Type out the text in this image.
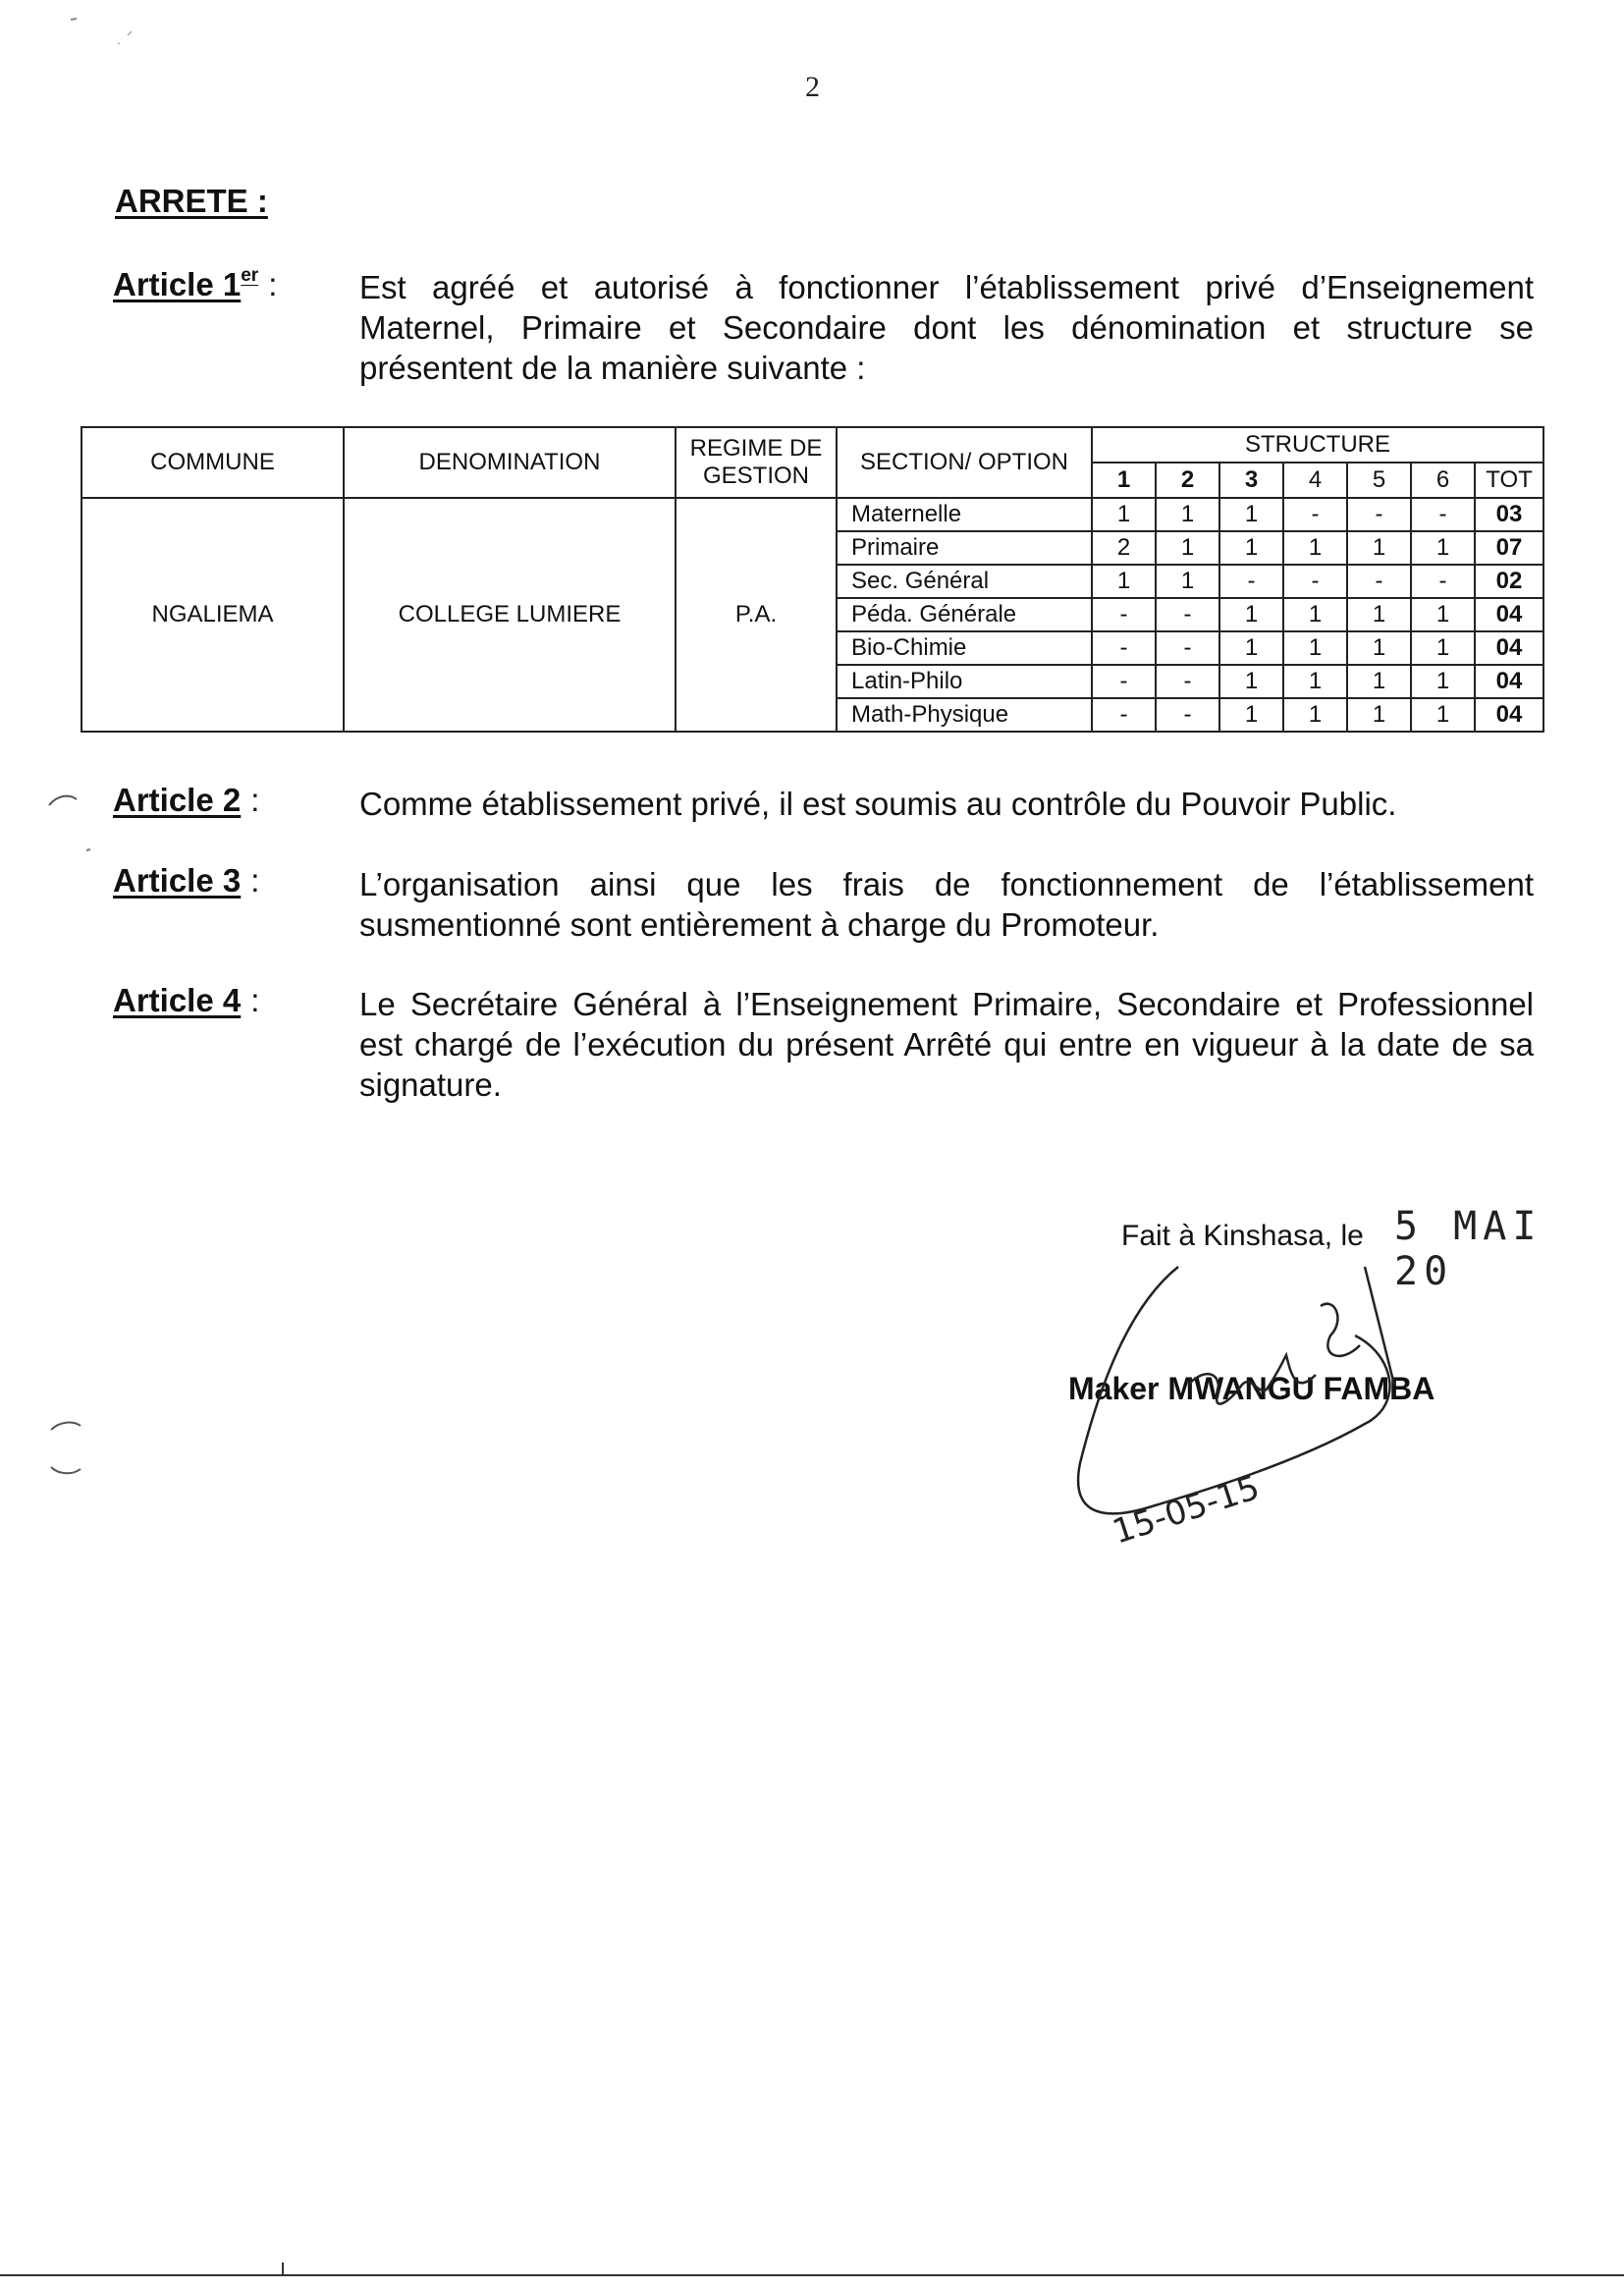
2
ARRETE :
Article 1er :	Est agréé et autorisé à fonctionner l’établissement privé d’Enseignement Maternel, Primaire et Secondaire dont les dénomination et structure se présentent de la manière suivante :
COMMUNE	DENOMINATION	REGIME DE GESTION	SECTION/ OPTION	STRUCTURE						
				1	2	3	4	5	6	TOT
NGALIEMA	COLLEGE LUMIERE	P.A.	Maternelle	1	1	1	-	-	-	03
			Primaire	2	1	1	1	1	1	07
			Sec. Général	1	1	-	-	-	-	02
			Péda. Générale	-	-	1	1	1	1	04
			Bio-Chimie	-	-	1	1	1	1	04
			Latin-Philo	-	-	1	1	1	1	04
			Math-Physique	-	-	1	1	1	1	04
Article 2 :	Comme établissement privé, il est soumis au contrôle du Pouvoir Public.
Article 3 :	L’organisation ainsi que les frais de fonctionnement de l’établissement susmentionné sont entièrement à charge du Promoteur.
Article 4 :	Le Secrétaire Général à l’Enseignement Primaire, Secondaire et Professionnel est chargé de l’exécution du présent Arrêté qui entre en vigueur à la date de sa signature.
Fait à Kinshasa, le 5 MAI 20
Maker MWANGU FAMBA
15-05-15
